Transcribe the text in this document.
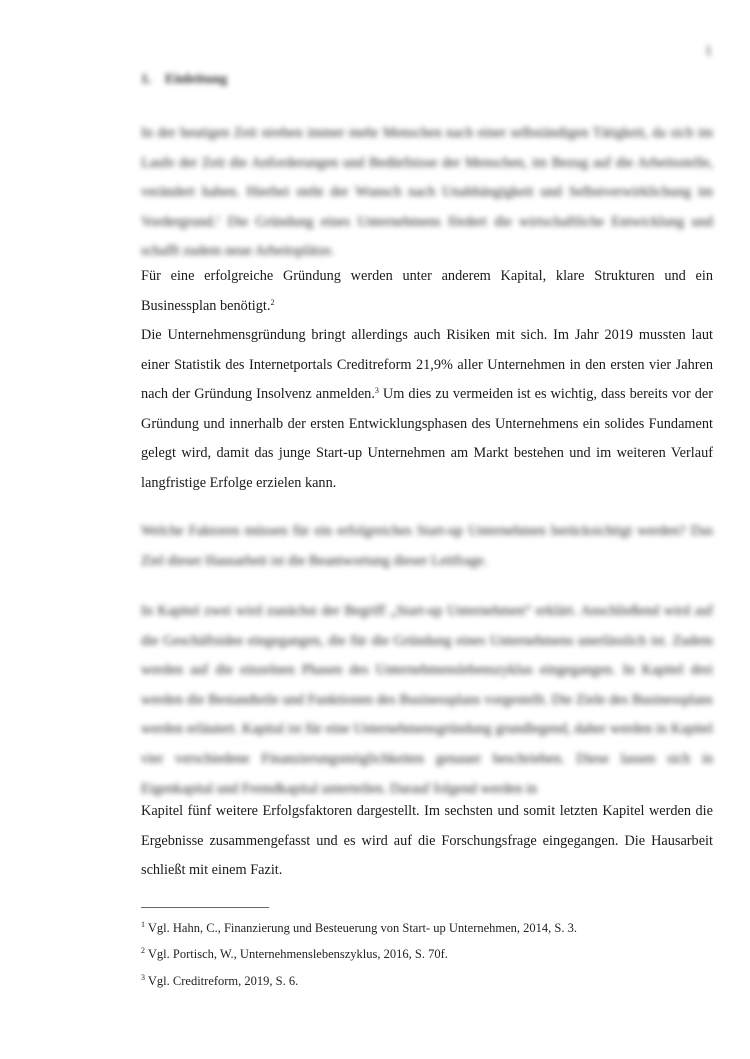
1
1. Einleitung

In der heutigen Zeit streben immer mehr Menschen nach einer selbständigen Tätigkeit, da sich im Laufe der Zeit die Anforderungen und Bedürfnisse der Menschen, im Bezug auf die Arbeitsstelle, verändert haben. Hierbei steht der Wunsch nach Unabhängigkeit und Selbstverwirklichung im Vordergrund.$^1$ Die Gründung eines Unternehmens fördert die wirtschaftliche Entwicklung und schafft zudem neue Arbeitsplätze.

Für eine erfolgreiche Gründung werden unter anderem Kapital, klare Strukturen und ein Businessplan benötigt.$^2$

Die Unternehmensgründung bringt allerdings auch Risiken mit sich. Im Jahr 2019 mussten laut einer Statistik des Internetportals Creditreform 21,9% aller Unternehmen in den ersten vier Jahren nach der Gründung Insolvenz anmelden.$^3$ Um dies zu vermeiden ist es wichtig, dass bereits vor der Gründung und innerhalb der ersten Entwicklungsphasen des Unternehmens ein solides Fundament gelegt wird, damit das junge Start-up Unternehmen am Markt bestehen und im weiteren Verlauf langfristige Erfolge erzielen kann.

Welche Faktoren müssen für ein erfolgreiches Start-up Unternehmen berücksichtigt werden? Das Ziel dieser Hausarbeit ist die Beantwortung dieser Leitfrage.

In Kapitel zwei wird zunächst der Begriff „Start-up Unternehmen“ erklärt. Anschließend wird auf die Geschäftsidee eingegangen, die für die Gründung eines Unternehmens unerlässlich ist. Zudem werden auf die einzelnen Phasen des Unternehmenslebenszyklus eingegangen. In Kapitel drei werden die Bestandteile und Funktionen des Businessplans vorgestellt. Die Ziele des Businessplans werden erläutert. Kapital ist für eine Unternehmensgründung grundlegend, daher werden in Kapitel vier verschiedene Finanzierungsmöglichkeiten genauer beschrieben. Diese lassen sich in Eigenkapital und Fremdkapital unterteilen. Darauf folgend werden in

Kapitel fünf weitere Erfolgsfaktoren dargestellt. Im sechsten und somit letzten Kapitel werden die Ergebnisse zusammengefasst und es wird auf die Forschungsfrage eingegangen. Die Hausarbeit schließt mit einem Fazit.

$^1$ Vgl. Hahn, C., Finanzierung und Besteuerung von Start- up Unternehmen, 2014, S. 3.
$^2$ Vgl. Portisch, W., Unternehmenslebenszyklus, 2016, S. 70f.
$^3$ Vgl. Creditreform, 2019, S. 6.
